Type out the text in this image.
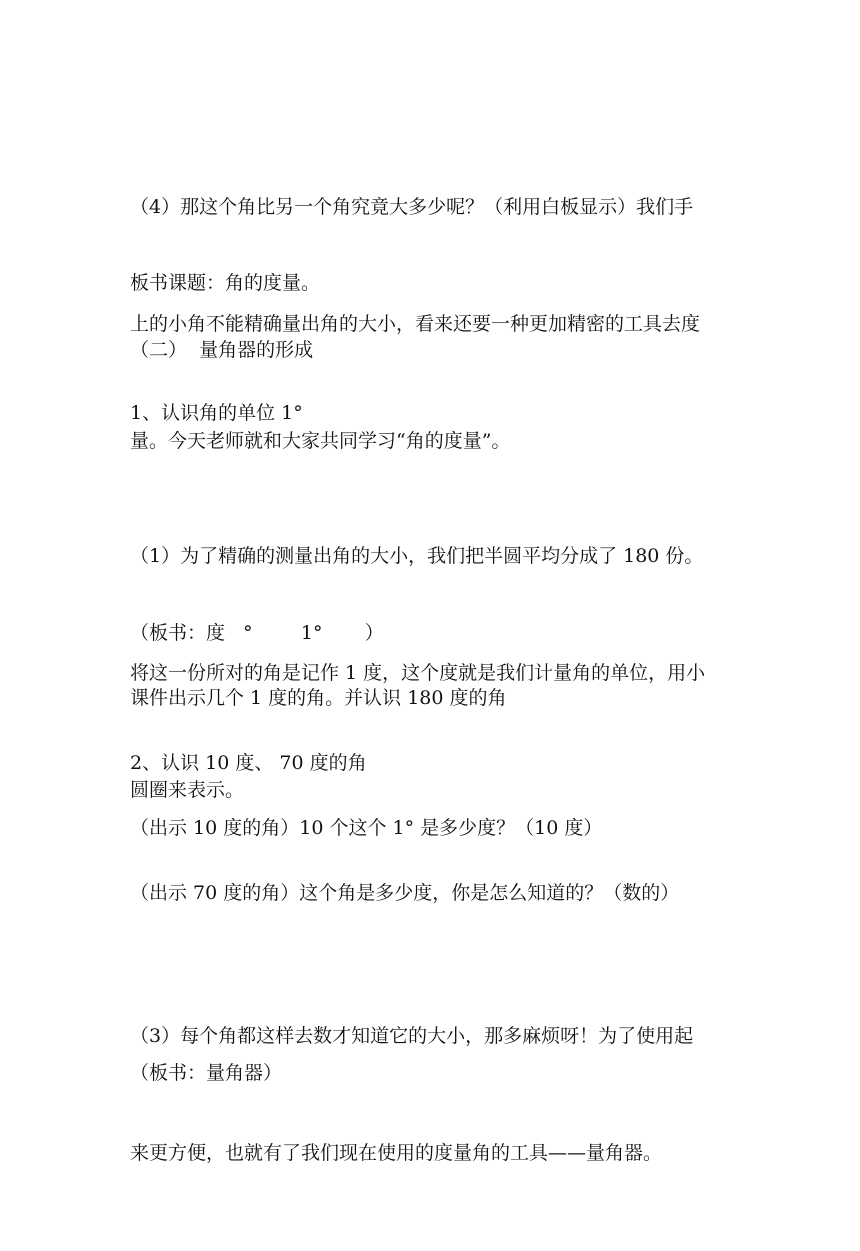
（4）那这个角比另一个角究竟大多少呢？（利用白板显示）我们手

上的小角不能精确量出角的大小，看来还要一种更加精密的工具去度

量。今天老师就和大家共同学习“角的度量”。

板书课题：角的度量。

（二）  量角器的形成

1、认识角的单位 1°

（1）为了精确的测量出角的大小，我们把半圆平均分成了 180 份。

将这一份所对的角是记作 1 度，这个度就是我们计量角的单位，用小

圆圈来表示。

（板书：度   °        1°       ）

课件出示几个 1 度的角。并认识 180 度的角

2、认识 10 度、 70 度的角

（出示 10 度的角）10 个这个 1° 是多少度？（10 度）

（出示 70 度的角）这个角是多少度，你是怎么知道的？（数的）

（3）每个角都这样去数才知道它的大小，那多麻烦呀！为了使用起

来更方便，也就有了我们现在使用的度量角的工具——量角器。

（板书：量角器）
